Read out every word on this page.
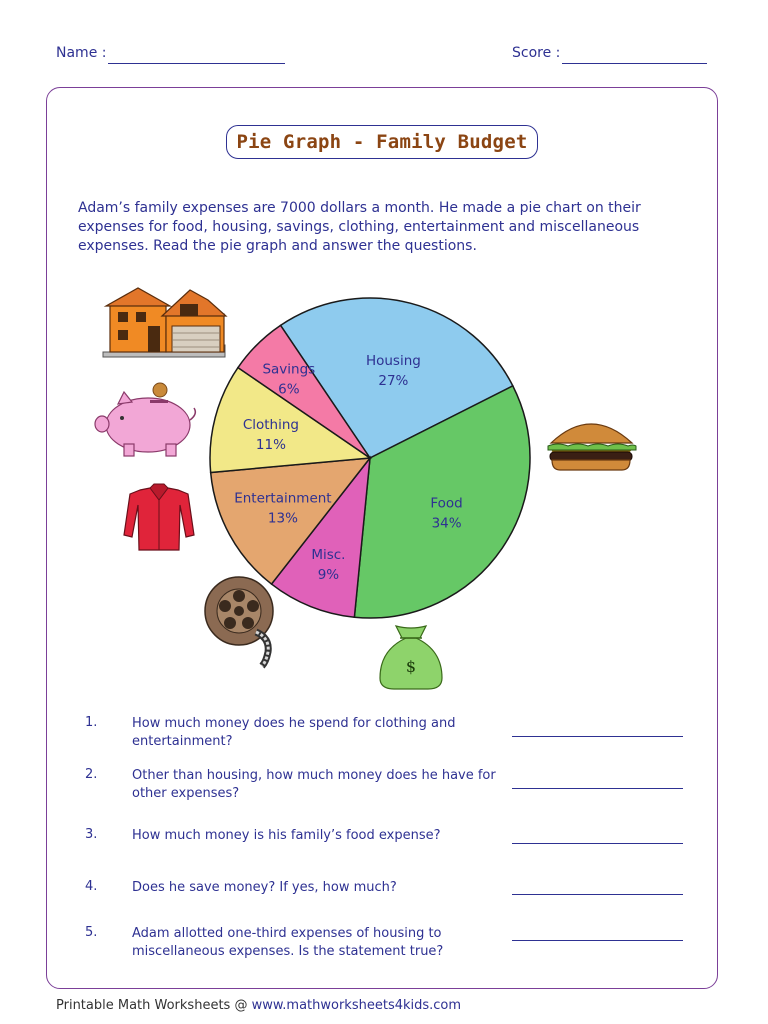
Name :	Score :
Pie Graph - Family Budget
Adam’s family expenses are 7000 dollars a month. He made a pie chart on their expenses for food, housing, savings, clothing, entertainment and miscellaneous expenses. Read the pie graph and answer the questions.
Housing
27%
Food
34%
Misc.
9%
Entertainment
13%
Clothing
11%
Savings
6%
$
1.	How much money does he spend for clothing and entertainment?
2.	Other than housing, how much money does he have for other expenses?
3.	How much money is his family’s food expense?
4.	Does he save money? If yes, how much?
5.	Adam allotted one-third expenses of housing to miscellaneous expenses. Is the statement true?
Printable Math Worksheets @ www.mathworksheets4kids.com
